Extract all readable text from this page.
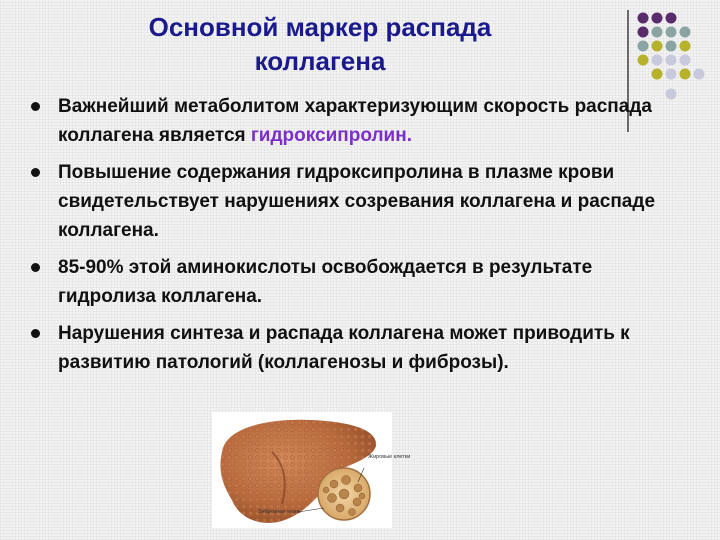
Основной маркер распада
коллагена
Важнейший метаболитом характеризующим скорость распада коллагена является гидроксипролин.
Повышение содержания гидроксипролина в плазме крови свидетельствует нарушениях созревания коллагена и распаде коллагена.
85-90% этой аминокислоты освобождается в результате гидролиза коллагена.
Нарушения синтеза и распада коллагена может приводить к развитию патологий (коллагенозы и фиброзы).
Жировые клетки
Зиброзная ткань
